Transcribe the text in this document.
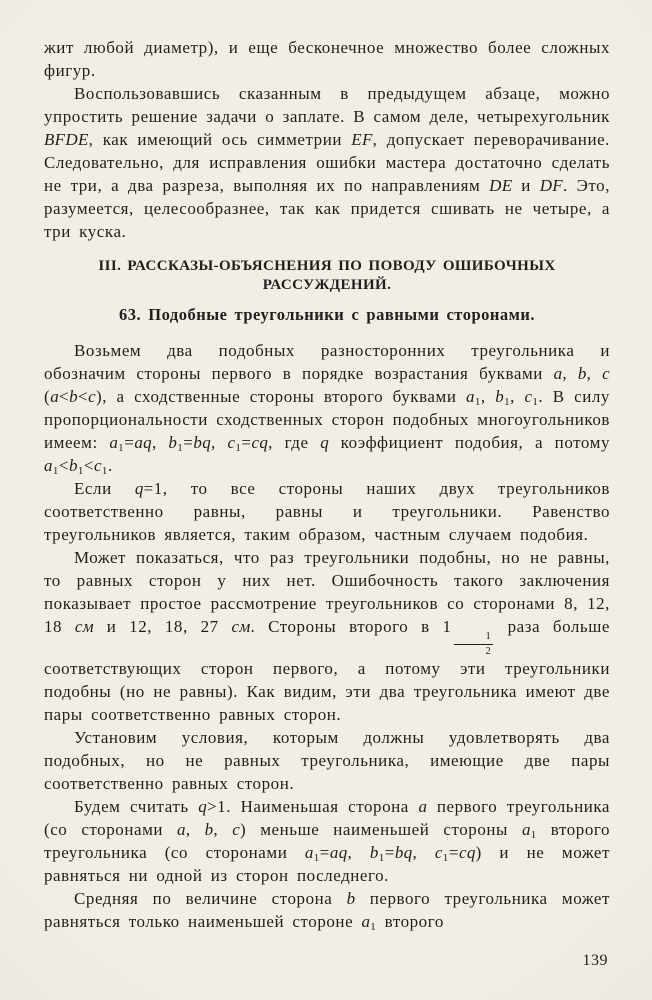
жит любой диаметр), и еще бесконечное множество более сложных фигур.

Воспользовавшись сказанным в предыдущем абзаце, можно упростить решение задачи о заплате. В самом деле, четырехугольник BFDE, как имеющий ось симметрии EF, допускает переворачивание. Следовательно, для исправления ошибки мастера достаточно сделать не три, а два разреза, выполняя их по направлениям DE и DF. Это, разумеется, целесообразнее, так как придется сшивать не четыре, а три куска.

III. РАССКАЗЫ-ОБЪЯСНЕНИЯ ПО ПОВОДУ ОШИБОЧНЫХ РАССУЖДЕНИЙ.
63. Подобные треугольники с равными сторонами.

Возьмем два подобных разносторонних треугольника и обозначим стороны первого в порядке возрастания буквами a, b, c (a<b<c), а сходственные стороны второго буквами $a_1$, $b_1$, $c_1$. В силу пропорциональности сходственных сторон подобных многоугольников имеем: $a_1=aq$, $b_1=bq$, $c_1=cq$, где q коэффициент подобия, а потому $a_1<b_1<c_1$.

Если q=1, то все стороны наших двух треугольников соответственно равны, равны и треугольники. Равенство треугольников является, таким образом, частным случаем подобия.

Может показаться, что раз треугольники подобны, но не равны, то равных сторон у них нет. Ошибочность такого заключения показывает простое рассмотрение треугольников со сторонами 8, 12, 18 см и 12, 18, 27 см. Стороны второго в 1
$\frac{1}{2}$
раза больше соответствующих сторон первого, а потому эти треугольники подобны (но не равны). Как видим, эти два треугольника имеют две пары соответственно равных сторон.

Установим условия, которым должны удовлетворять два подобных, но не равных треугольника, имеющие две пары соответственно равных сторон.

Будем считать q>1. Наименьшая сторона a первого треугольника (со сторонами a, b, c) меньше наименьшей стороны $a_1$ второго треугольника (со сторонами $a_1=aq$, $b_1=bq$, $c_1=cq$) и не может равняться ни одной из сторон последнего.

Средняя по величине сторона b первого треугольника может равняться только наименьшей стороне $a_1$ второго

139
